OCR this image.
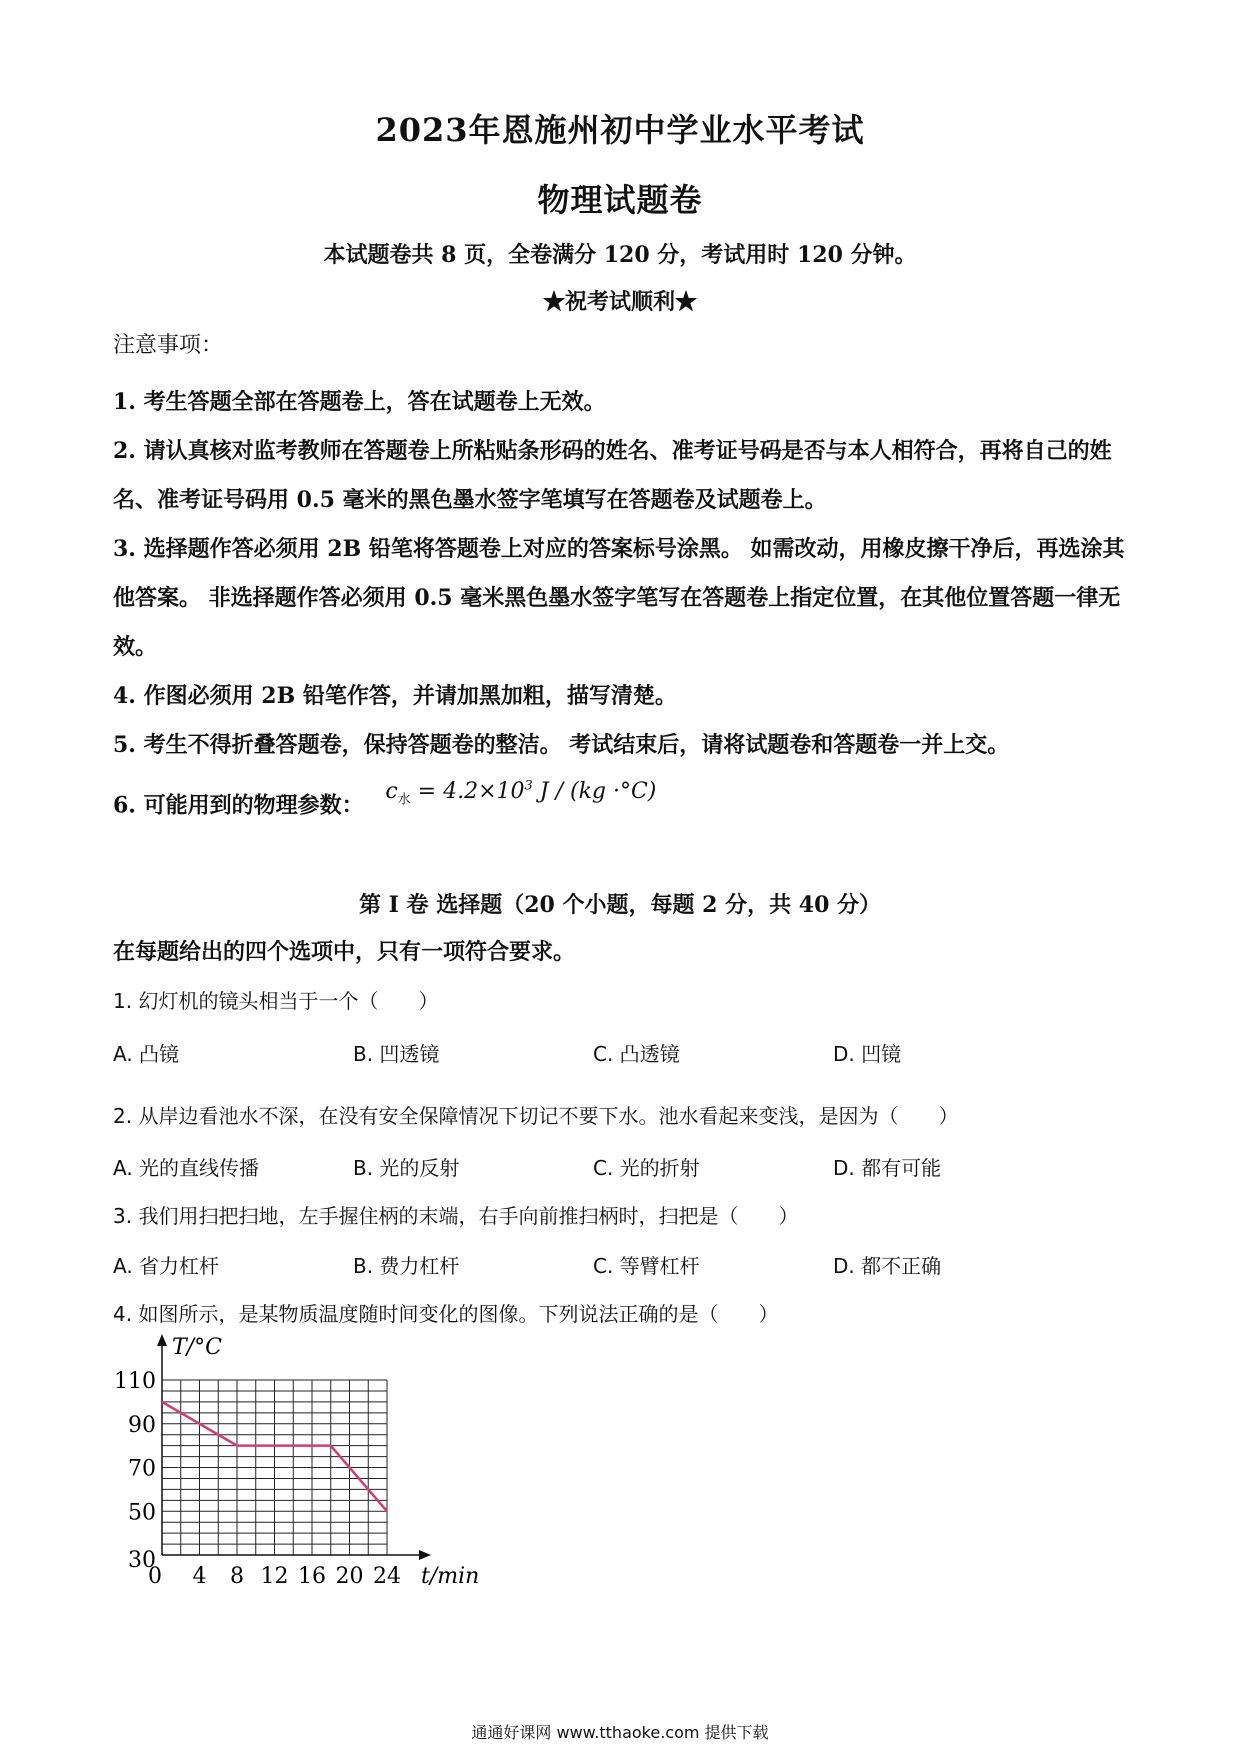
2023年恩施州初中学业水平考试
物理试题卷
本试题卷共 8 页，全卷满分 120 分，考试用时 120 分钟。
★祝考试顺利★

注意事项：

1. 考生答题全部在答题卷上，答在试题卷上无效。

2. 请认真核对监考教师在答题卷上所粘贴条形码的姓名、准考证号码是否与本人相符合，再将自己的姓名、准考证号码用 0.5 毫米的黑色墨水签字笔填写在答题卷及试题卷上。

3. 选择题作答必须用 2B 铅笔将答题卷上对应的答案标号涂黑。 如需改动，用橡皮擦干净后，再选涂其他答案。 非选择题作答必须用 0.5 毫米黑色墨水签字笔写在答题卷上指定位置，在其他位置答题一律无效。

4. 作图必须用 2B 铅笔作答，并请加黑加粗，描写清楚。

5. 考生不得折叠答题卷，保持答题卷的整洁。 考试结束后，请将试题卷和答题卷一并上交。

6. 可能用到的物理参数： $c_水 = 4.2\times 10^3$ J / (kg ·°C)

第 I 卷 选择题（20 个小题，每题 2 分，共 40 分）
在每题给出的四个选项中，只有一项符合要求。
1. 幻灯机的镜头相当于一个（　　）
A. 凸镜	B. 凹透镜	C. 凸透镜	D. 凹镜
2. 从岸边看池水不深，在没有安全保障情况下切记不要下水。池水看起来变浅，是因为（　　）
A. 光的直线传播	B. 光的反射	C. 光的折射	D. 都有可能
3. 我们用扫把扫地，左手握住柄的末端，右手向前推扫柄时，扫把是（　　）
A. 省力杠杆	B. 费力杠杆	C. 等臂杠杆	D. 都不正确
4. 如图所示，是某物质温度随时间变化的图像。下列说法正确的是（　　）
0 4 8 12 16 20 24
30
50
70
90
110
T/°C
t/min
通通好课网 www.tthaoke.com 提供下载
